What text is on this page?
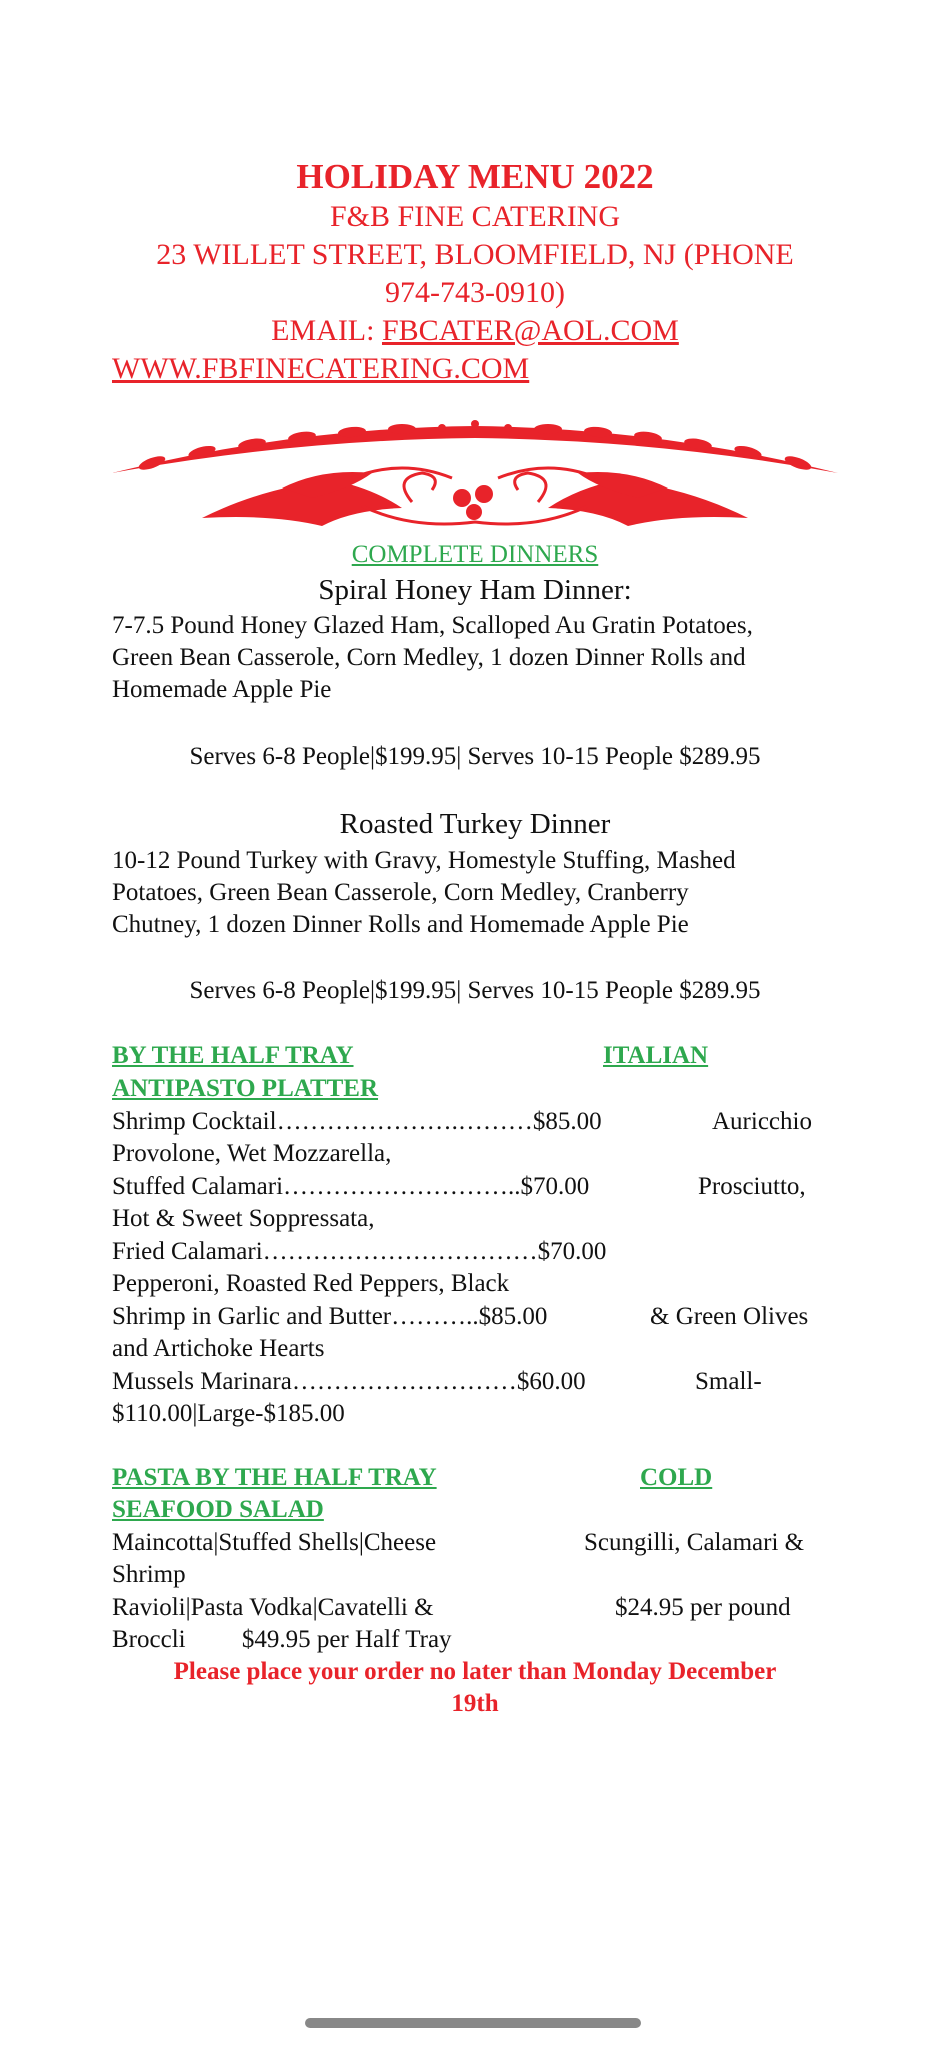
HOLIDAY MENU 2022
F&B FINE CATERING
23 WILLET STREET, BLOOMFIELD, NJ (PHONE
974-743-0910)
EMAIL: FBCATER@AOL.COM
WWW.FBFINECATERING.COM
COMPLETE DINNERS
Spiral Honey Ham Dinner:
7-7.5 Pound Honey Glazed Ham, Scalloped Au Gratin Potatoes,
Green Bean Casserole, Corn Medley, 1 dozen Dinner Rolls and
Homemade Apple Pie
Serves 6-8 People|$199.95| Serves 10-15 People $289.95
Roasted Turkey Dinner
10-12 Pound Turkey with Gravy, Homestyle Stuffing, Mashed
Potatoes, Green Bean Casserole, Corn Medley, Cranberry
Chutney, 1 dozen Dinner Rolls and Homemade Apple Pie
Serves 6-8 People|$199.95| Serves 10-15 People $289.95
BY THE HALF TRAY	ITALIAN
ANTIPASTO PLATTER
Shrimp Cocktail………………….………$85.00	Auricchio
Provolone, Wet Mozzarella,
Stuffed Calamari………………………..$70.00	Prosciutto,
Hot & Sweet Soppressata,
Fried Calamari……………………………$70.00
Pepperoni, Roasted Red Peppers, Black
Shrimp in Garlic and Butter………..$85.00	& Green Olives
and Artichoke Hearts
Mussels Marinara………………………$60.00	Small-
$110.00|Large-$185.00
PASTA BY THE HALF TRAY	COLD
SEAFOOD SALAD
Maincotta|Stuffed Shells|Cheese	Scungilli, Calamari &
Shrimp
Ravioli|Pasta Vodka|Cavatelli &	$24.95 per pound
Broccli         $49.95 per Half Tray
Please place your order no later than Monday December
19th
